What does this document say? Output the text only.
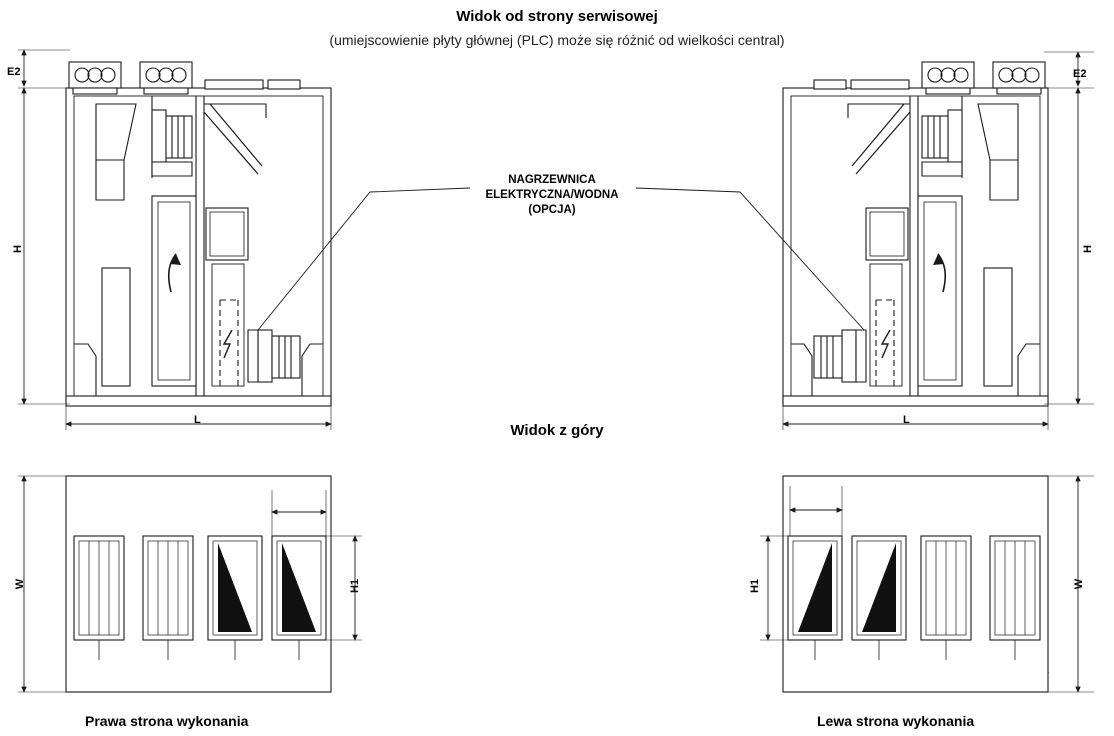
Widok od strony serwisowej
(umiejscowienie płyty głównej (PLC) może się różnić od wielkości central)
NAGRZEWNICA
ELEKTRYCZNA/WODNA
(OPCJA)
Widok z góry
H
E2
L
H
E2
L
W	H1	W
H1
Prawa strona wykonania	Lewa strona wykonania
